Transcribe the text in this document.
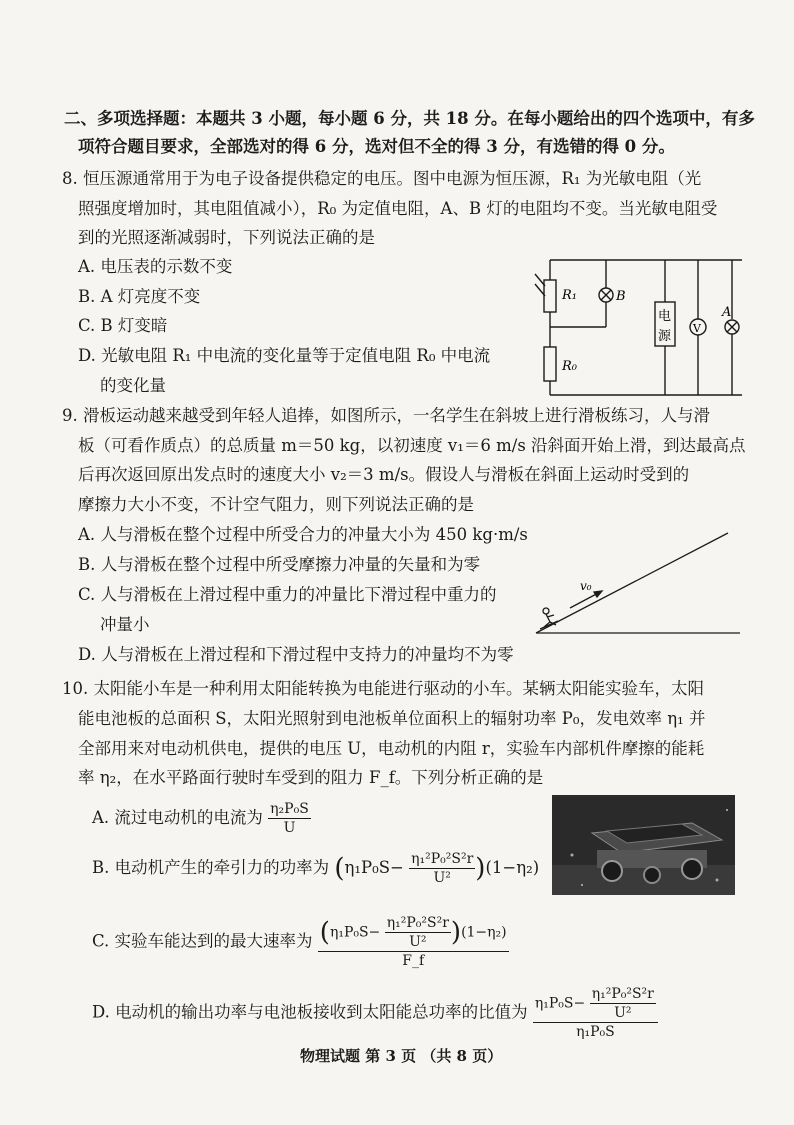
二、多项选择题：本题共 3 小题，每小题 6 分，共 18 分。在每小题给出的四个选项中，有多
项符合题目要求，全部选对的得 6 分，选对但不全的得 3 分，有选错的得 0 分。
8. 恒压源通常用于为电子设备提供稳定的电压。图中电源为恒压源，R₁ 为光敏电阻（光
照强度增加时，其电阻值减小），R₀ 为定值电阻，A、B 灯的电阻均不变。当光敏电阻受
到的光照逐渐减弱时，下列说法正确的是
A. 电压表的示数不变
B. A 灯亮度不变
C. B 灯变暗
D. 光敏电阻 R₁ 中电流的变化量等于定值电阻 R₀ 中电流
的变化量
R₁
R₀
B
A
V
电
源
9. 滑板运动越来越受到年轻人追捧，如图所示，一名学生在斜坡上进行滑板练习，人与滑
板（可看作质点）的总质量 m＝50 kg，以初速度 v₁＝6 m/s 沿斜面开始上滑，到达最高点
后再次返回原出发点时的速度大小 v₂＝3 m/s。假设人与滑板在斜面上运动时受到的
摩擦力大小不变，不计空气阻力，则下列说法正确的是
A. 人与滑板在整个过程中所受合力的冲量大小为 450 kg·m/s
B. 人与滑板在整个过程中所受摩擦力冲量的矢量和为零
C. 人与滑板在上滑过程中重力的冲量比下滑过程中重力的
冲量小
D. 人与滑板在上滑过程和下滑过程中支持力的冲量均不为零
v₀
10. 太阳能小车是一种利用太阳能转换为电能进行驱动的小车。某辆太阳能实验车，太阳
能电池板的总面积 S，太阳光照射到电池板单位面积上的辐射功率 P₀，发电效率 η₁ 并
全部用来对电动机供电，提供的电压 U，电动机的内阻 r，实验车内部机件摩擦的能耗
率 η₂，在水平路面行驶时车受到的阻力 F_f。下列分析正确的是
A. 流过电动机的电流为 $\frac{\text{η₂P₀S}}{U}$
B. 电动机产生的牵引力的功率为 $(\eta_1P_0S- \frac{\text{η₁²P₀²S²r}}{\text{U²}} )(1-\eta_2)$
C. 实验车能达到的最大速率为 $\frac{(\eta_1P_0S- \frac{\text{η₁²P₀²S²r}}{\text{U²}} )(1-\eta_2)}{F\_f}$
D. 电动机的输出功率与电池板接收到太阳能总功率的比值为 $\frac{\eta_1P_0S- \frac{\text{η₁²P₀²S²r}}{\text{U²}}}{\text{η₁P₀S}}$
物理试题 第 3 页 （共 8 页）
